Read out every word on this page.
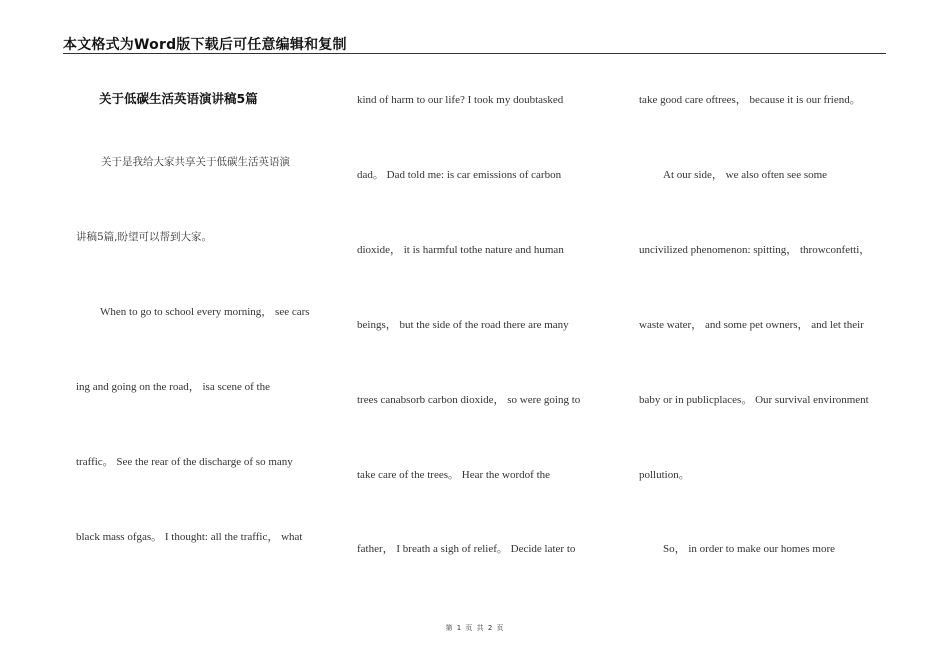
本文格式为Word版下载后可任意编辑和复制
关于低碳生活英语演讲稿5篇
关于是我给大家共享关于低碳生活英语演
讲稿5篇,盼望可以帮到大家。
When to go to school every morning， see cars
ing and going on the road， isa scene of the
traffic。 See the rear of the discharge of so many
black mass ofgas。 I thought: all the traffic， what
kind of harm to our life? I took my doubtasked
dad。 Dad told me: is car emissions of carbon
dioxide， it is harmful tothe nature and human
beings， but the side of the road there are many
trees canabsorb carbon dioxide， so were going to
take care of the trees。 Hear the wordof the
father， I breath a sigh of relief。 Decide later to
take good care oftrees， because it is our friend。
At our side， we also often see some
uncivilized phenomenon: spitting， throwconfetti，
waste water， and some pet owners， and let their
baby or in publicplaces。 Our survival environment
pollution。
So， in order to make our homes more
第 1 页 共 2 页
